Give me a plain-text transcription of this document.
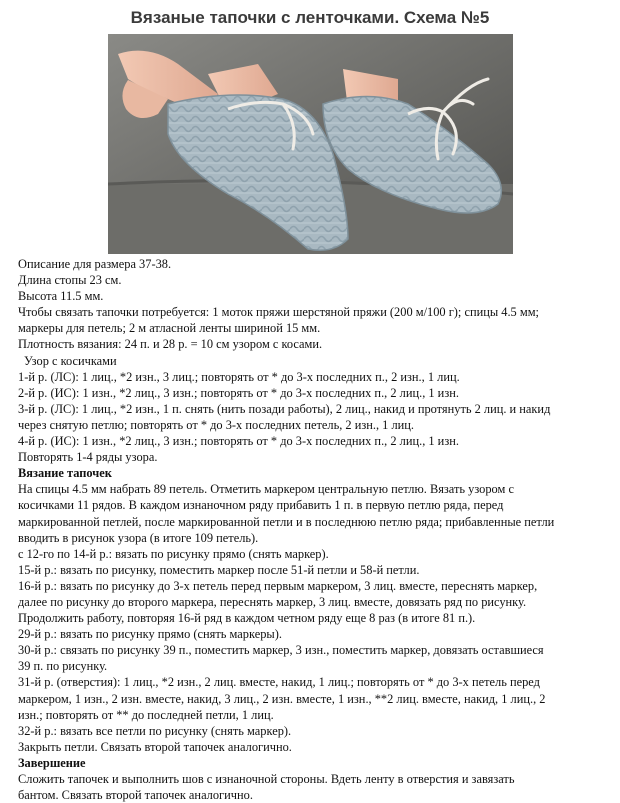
Вязаные тапочки с ленточками. Схема №5

Описание для размера 37-38.

Длина стопы 23 см.

Высота 11.5 мм.

Чтобы связать тапочки потребуется: 1 моток пряжи шерстяной пряжи (200 м/100 г); спицы 4.5 мм;

маркеры для петель; 2 м атласной ленты шириной 15 мм.

Плотность вязания: 24 п. и 28 р. = 10 см узором с косами.

Узор с косичками

1-й р. (ЛС): 1 лиц., *2 изн., 3 лиц.; повторять от * до 3-х последних п., 2 изн., 1 лиц.

2-й р. (ИС): 1 изн., *2 лиц., 3 изн.; повторять от * до 3-х последних п., 2 лиц., 1 изн.

3-й р. (ЛС): 1 лиц., *2 изн., 1 п. снять (нить позади работы), 2 лиц., накид и протянуть 2 лиц. и накид

через снятую петлю; повторять от * до 3-х последних петель, 2 изн., 1 лиц.

4-й р. (ИС): 1 изн., *2 лиц., 3 изн.; повторять от * до 3-х последних п., 2 лиц., 1 изн.

Повторять 1-4 ряды узора.

Вязание тапочек

На спицы 4.5 мм набрать 89 петель. Отметить маркером центральную петлю. Вязать узором с

косичками 11 рядов. В каждом изнаночном ряду прибавить 1 п. в первую петлю ряда, перед

маркированной петлей, после маркированной петли и в последнюю петлю ряда; прибавленные петли

вводить в рисунок узора (в итоге 109 петель).

с 12-го по 14-й р.: вязать по рисунку прямо (снять маркер).

15-й р.: вязать по рисунку, поместить маркер после 51-й петли и 58-й петли.

16-й р.: вязать по рисунку до 3-х петель перед первым маркером, 3 лиц. вместе, переснять маркер,

далее по рисунку до второго маркера, переснять маркер, 3 лиц. вместе, довязать ряд по рисунку.

Продолжить работу, повторяя 16-й ряд в каждом четном ряду еще 8 раз (в итоге 81 п.).

29-й р.: вязать по рисунку прямо (снять маркеры).

30-й р.: связать по рисунку 39 п., поместить маркер, 3 изн., поместить маркер, довязать оставшиеся

39 п. по рисунку.

31-й р. (отверстия): 1 лиц., *2 изн., 2 лиц. вместе, накид, 1 лиц.; повторять от * до 3-х петель перед

маркером, 1 изн., 2 изн. вместе, накид, 3 лиц., 2 изн. вместе, 1 изн., **2 лиц. вместе, накид, 1 лиц., 2

изн.; повторять от ** до последней петли, 1 лиц.

32-й р.: вязать все петли по рисунку (снять маркер).

Закрыть петли. Связать второй тапочек аналогично.

Завершение

Сложить тапочек и выполнить шов с изнаночной стороны. Вдеть ленту в отверстия и завязать

бантом. Связать второй тапочек аналогично.
